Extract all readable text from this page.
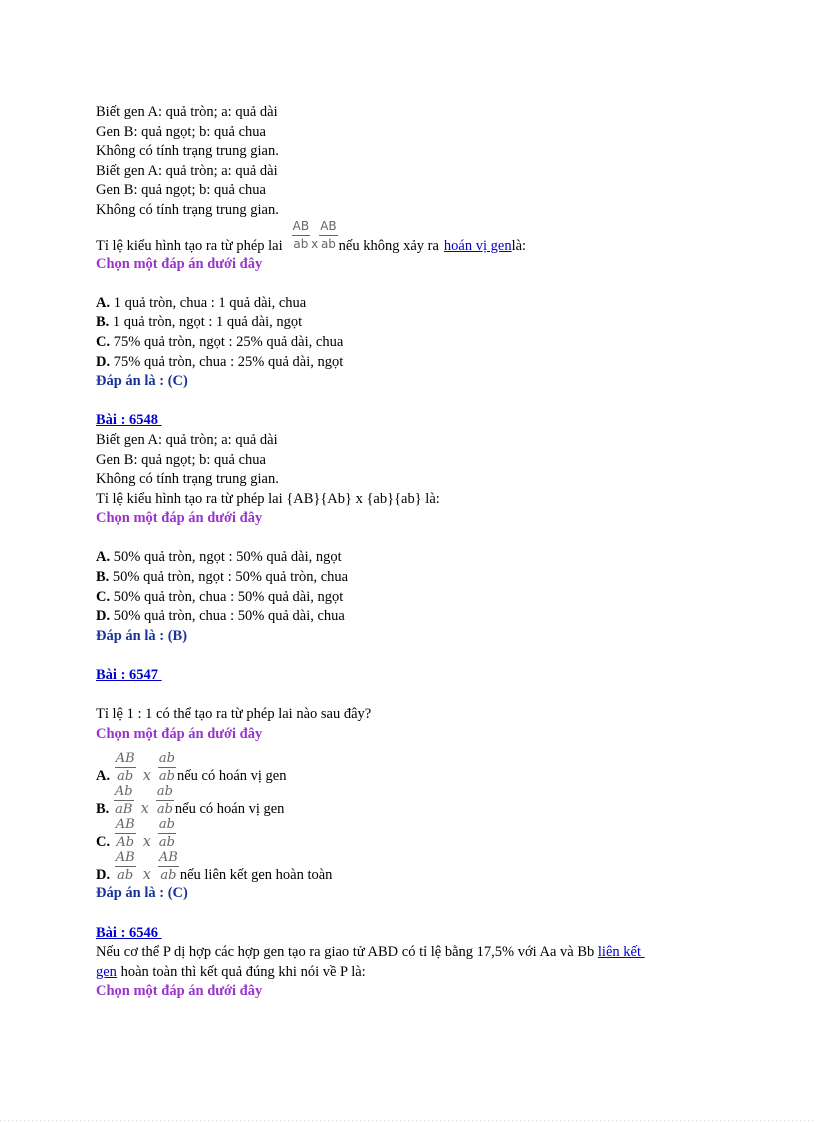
Biết gen A: quả tròn; a: quả dài
Gen B: quả ngọt; b: quả chua
Không có tính trạng trung gian.
Biết gen A: quả tròn; a: quả dài
Gen B: quả ngọt; b: quả chua
Không có tính trạng trung gian.
Tỉ lệ kiểu hình tạo ra từ phép lai $\frac{AB}{ab}$ x $\frac{AB}{ab}$ nếu không xảy ra hoán vị gen là:
Chọn một đáp án dưới đây
A. 1 quả tròn, chua : 1 quả dài, chua
B. 1 quả tròn, ngọt : 1 quả dài, ngọt
C. 75% quả tròn, ngọt : 25% quả dài, chua
D. 75% quả tròn, chua : 25% quả dài, ngọt
Đáp án là : (C)
Bài : 6548
Biết gen A: quả tròn; a: quả dài
Gen B: quả ngọt; b: quả chua
Không có tính trạng trung gian.
Tỉ lệ kiểu hình tạo ra từ phép lai {AB}{Ab} x {ab}{ab} là:
Chọn một đáp án dưới đây
A. 50% quả tròn, ngọt : 50% quả dài, ngọt
B. 50% quả tròn, ngọt : 50% quả tròn, chua
C. 50% quả tròn, chua : 50% quả dài, ngọt
D. 50% quả tròn, chua : 50% quả dài, chua
Đáp án là : (B)
Bài : 6547
Tỉ lệ 1 : 1 có thể tạo ra từ phép lai nào sau đây?
Chọn một đáp án dưới đây
A.
$\frac{AB}{ab}$ x $\frac{ab}{ab}$ nếu có hoán vị gen
B.
$\frac{Ab}{aB}$ x $\frac{ab}{ab}$ nếu có hoán vị gen
C.
$\frac{AB}{Ab}$ x $\frac{ab}{ab}$
D.
$\frac{AB}{ab}$ x $\frac{AB}{ab}$ nếu liên kết gen hoàn toàn
Đáp án là : (C)
Bài : 6546
Nếu cơ thể P dị hợp các hợp gen tạo ra giao tử ABD có tỉ lệ bằng 17,5% với Aa và Bb liên kết
gen hoàn toàn thì kết quả đúng khi nói về P là:
Chọn một đáp án dưới đây
